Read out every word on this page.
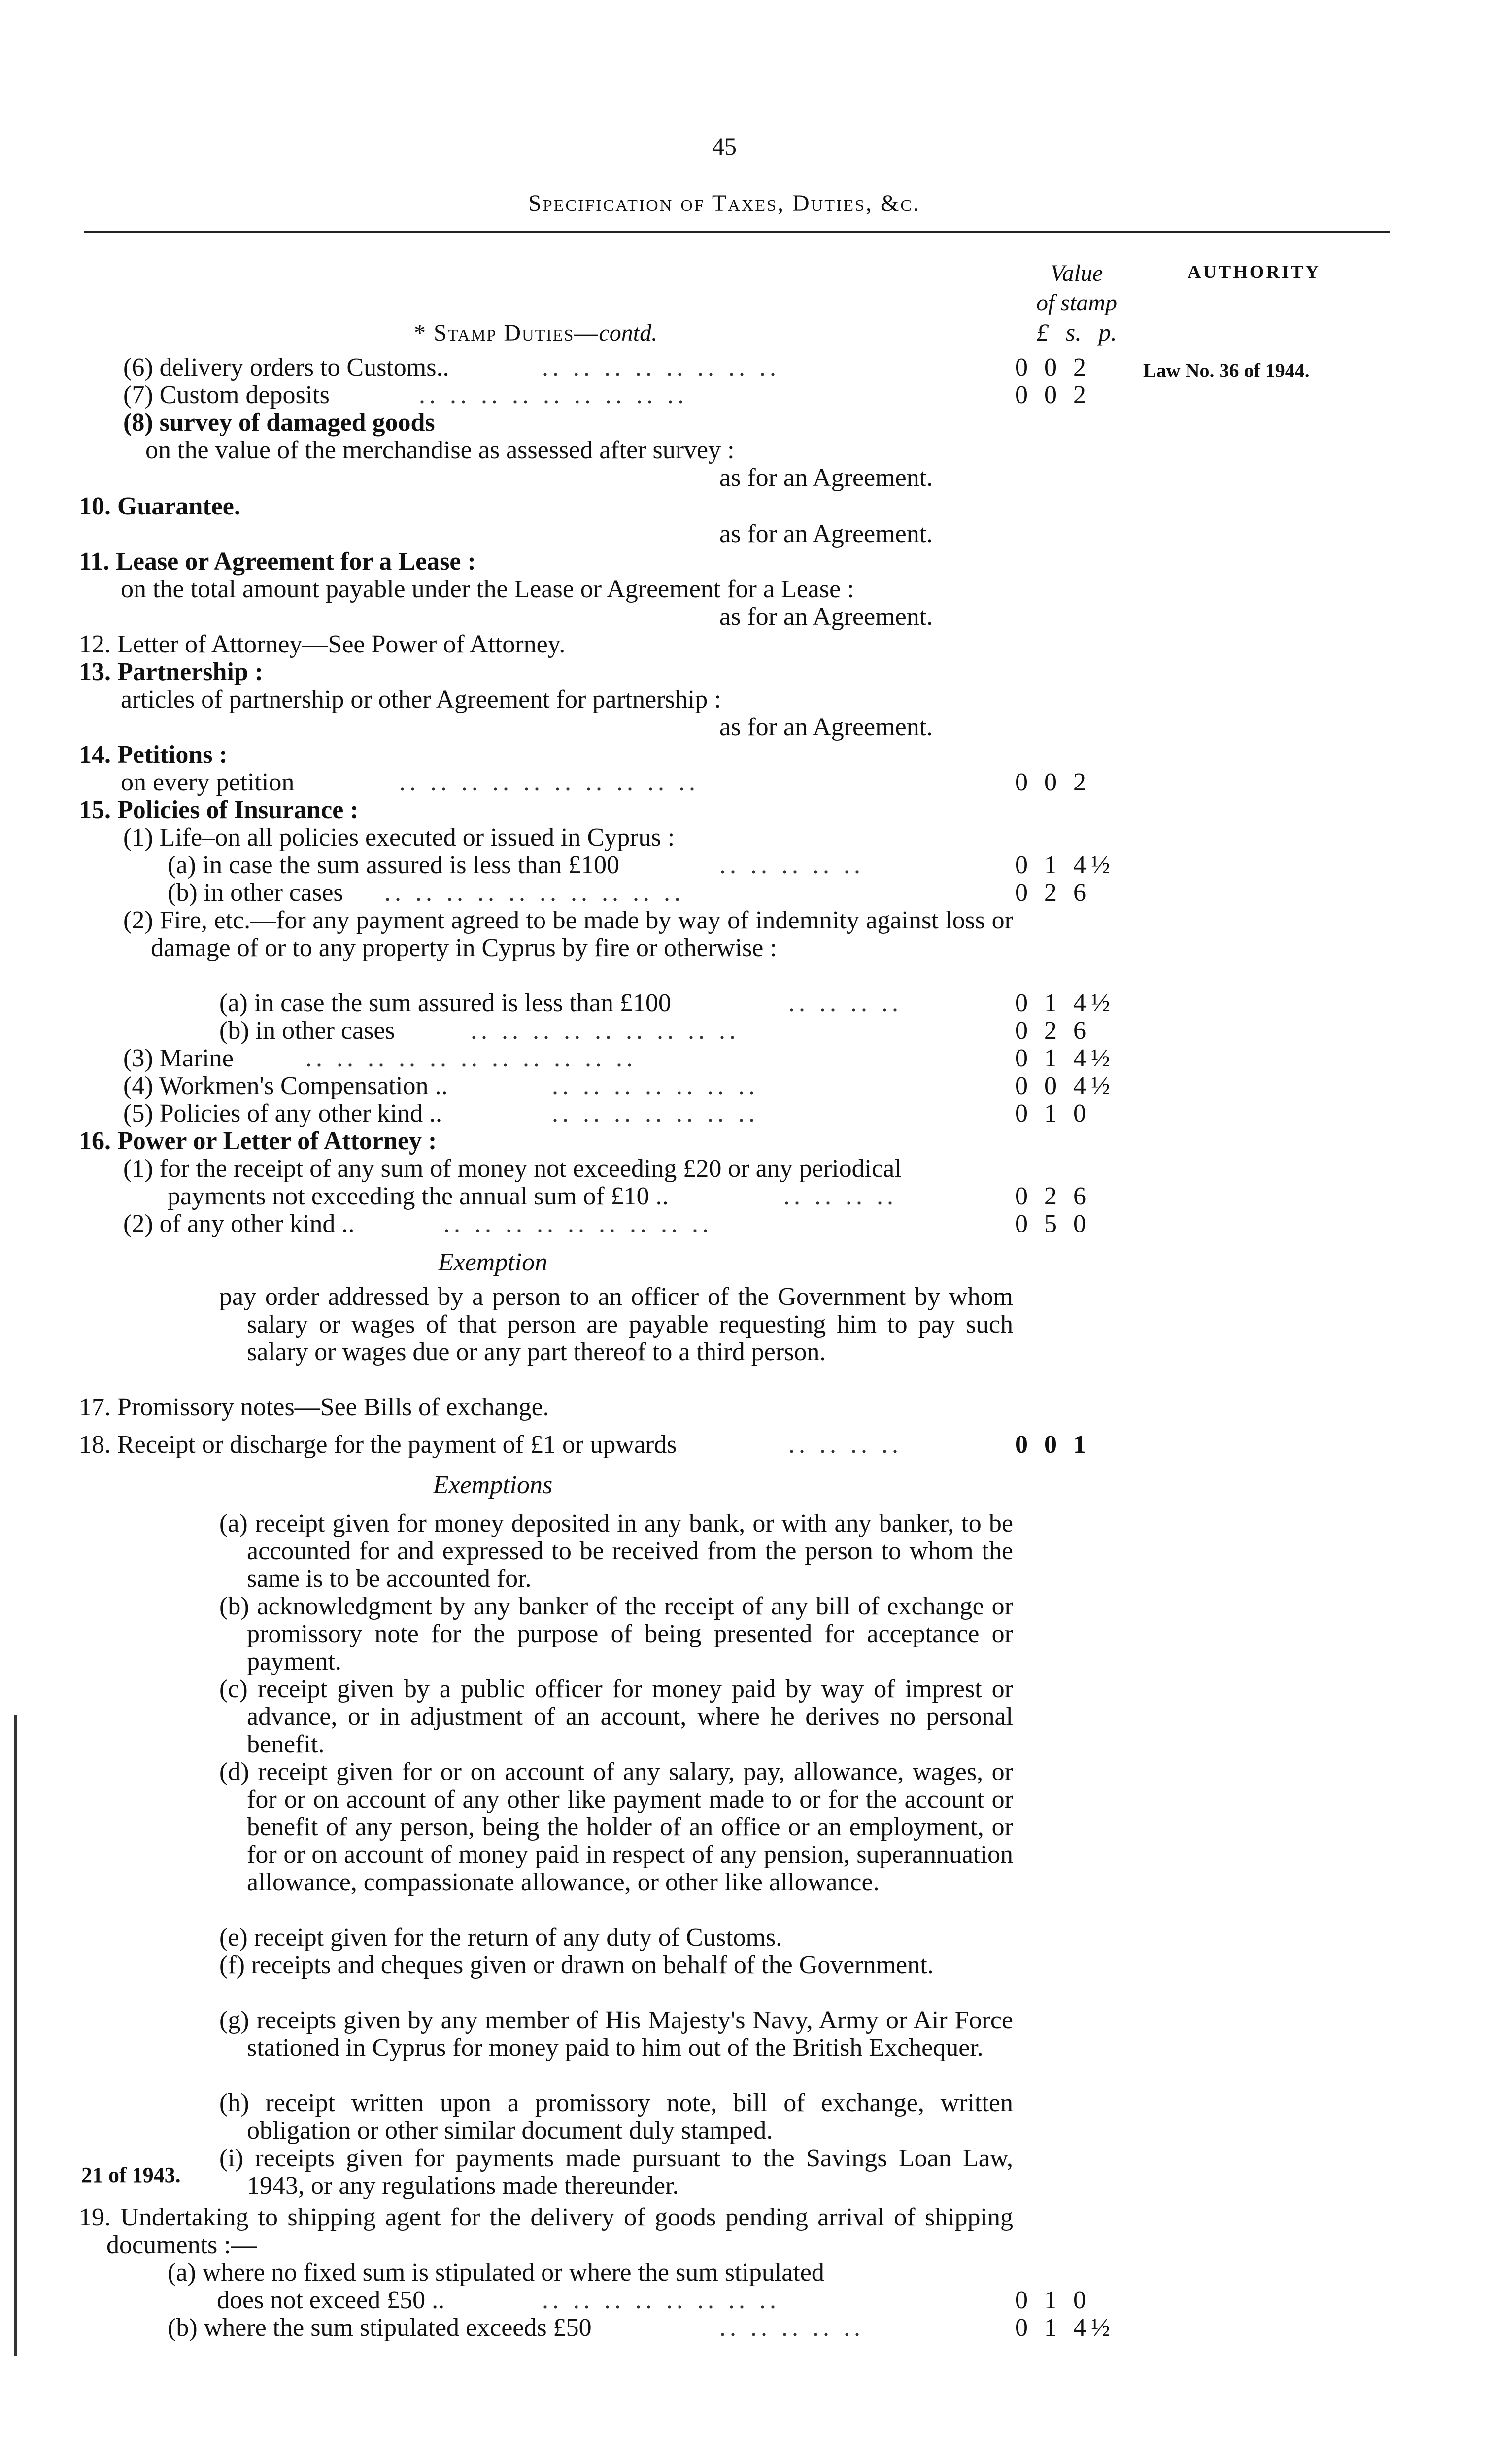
45
Specification of Taxes, Duties, &c.
Value
of stamp
£ s. p.
AUTHORITY
* Stamp Duties—contd.
(6) delivery orders to Customs..	.. .. .. .. .. .. .. ..	0 0 2	Law No. 36 of 1944.
(7) Custom deposits	.. .. .. .. .. .. .. .. ..	0 0 2
(8) survey of damaged goods
on the value of the merchandise as assessed after survey :
as for an Agreement.
10. Guarantee.
as for an Agreement.
11. Lease or Agreement for a Lease :
on the total amount payable under the Lease or Agreement for a Lease :
as for an Agreement.
12. Letter of Attorney—See Power of Attorney.
13. Partnership :
articles of partnership or other Agreement for partnership :
as for an Agreement.
14. Petitions :
on every petition	.. .. .. .. .. .. .. .. .. ..	0 0 2
15. Policies of Insurance :
(1) Life–on all policies executed or issued in Cyprus :
(a) in case the sum assured is less than £100	.. .. .. .. ..	0 1 4½
(b) in other cases .. .. .. .. .. .. .. .. .. ..	0 2 6
(2) Fire, etc.—for any payment agreed to be made by way of indemnity against loss or damage of or to any property in Cyprus by fire or otherwise :
(a) in case the sum assured is less than £100	.. .. .. ..	0 1 4½
(b) in other cases	.. .. .. .. .. .. .. .. ..	0 2 6
(3) Marine	.. .. .. .. .. .. .. .. .. .. ..	0 1 4½
(4) Workmen's Compensation ..	.. .. .. .. .. .. ..	0 0 4½
(5) Policies of any other kind ..	.. .. .. .. .. .. ..	0 1 0
16. Power or Letter of Attorney :
(1) for the receipt of any sum of money not exceeding £20 or any periodical
payments not exceeding the annual sum of £10 ..	.. .. .. ..	0 2 6
(2) of any other kind ..	.. .. .. .. .. .. .. .. ..	0 5 0
Exemption
pay order addressed by a person to an officer of the Government by whom salary or wages of that person are payable requesting him to pay such salary or wages due or any part thereof to a third person.
17. Promissory notes—See Bills of exchange.
18. Receipt or discharge for the payment of £1 or upwards	.. .. .. ..	0 0 1
Exemptions
(a) receipt given for money deposited in any bank, or with any banker, to be accounted for and expressed to be received from the person to whom the same is to be accounted for.
(b) acknowledgment by any banker of the receipt of any bill of exchange or promissory note for the purpose of being presented for acceptance or payment.
(c) receipt given by a public officer for money paid by way of imprest or advance, or in adjustment of an account, where he derives no personal benefit.
(d) receipt given for or on account of any salary, pay, allowance, wages, or for or on account of any other like payment made to or for the account or benefit of any person, being the holder of an office or an employment, or for or on account of money paid in respect of any pension, superannuation allowance, compassionate allowance, or other like allowance.
(e) receipt given for the return of any duty of Customs.
(f) receipts and cheques given or drawn on behalf of the Government.
(g) receipts given by any member of His Majesty's Navy, Army or Air Force stationed in Cyprus for money paid to him out of the British Exchequer.
(h) receipt written upon a promissory note, bill of exchange, written obligation or other similar document duly stamped.
(i) receipts given for payments made pursuant to the Savings Loan Law, 1943, or any regulations made thereunder.
21 of 1943.
19. Undertaking to shipping agent for the delivery of goods pending arrival of shipping documents :—
(a) where no fixed sum is stipulated or where the sum stipulated
does not exceed £50 ..	.. .. .. .. .. .. .. ..	0 1 0
(b) where the sum stipulated exceeds £50	.. .. .. .. ..	0 1 4½
